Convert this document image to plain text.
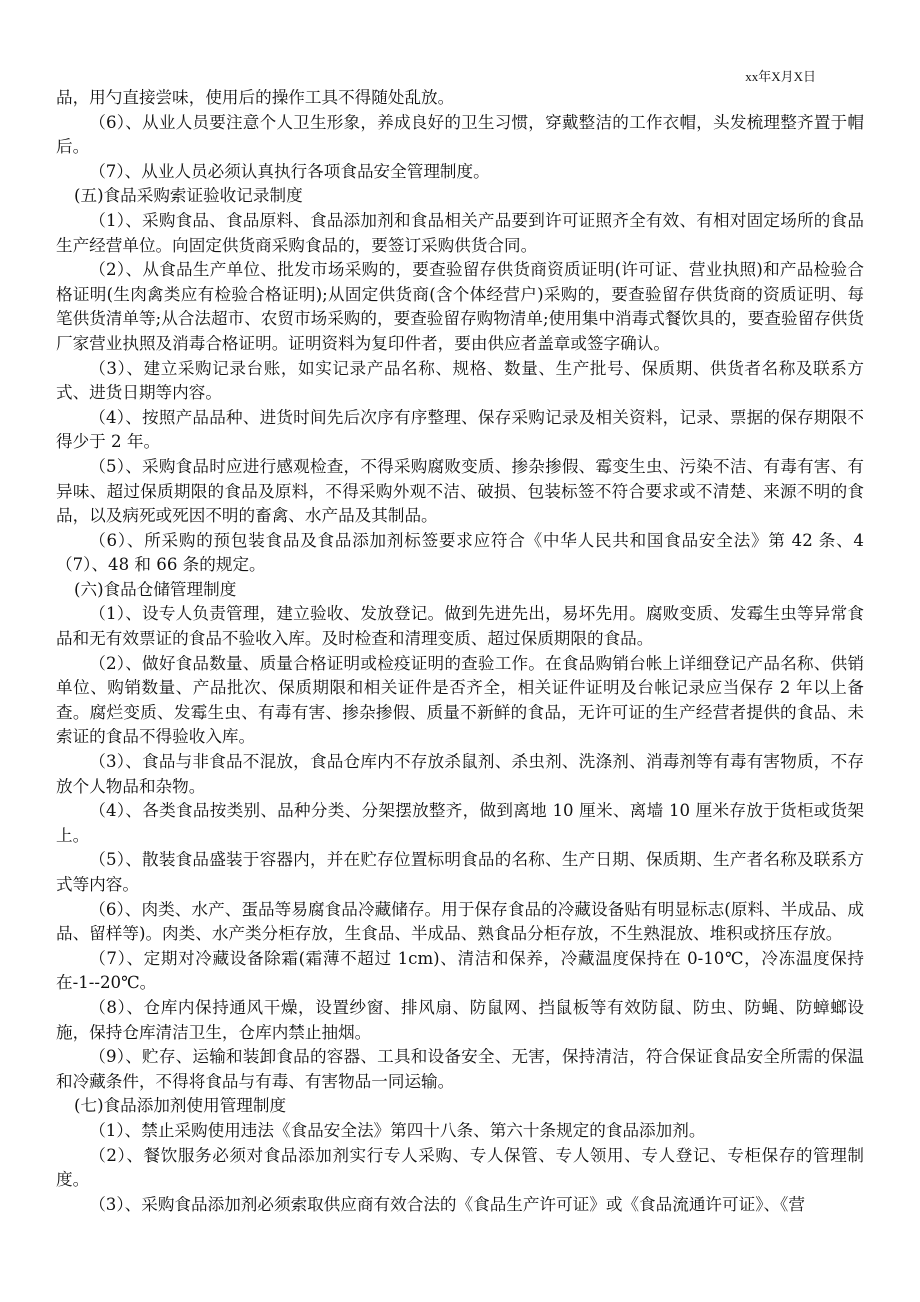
xx年X月X日

品，用勺直接尝味，使用后的操作工具不得随处乱放。

（6）、从业人员要注意个人卫生形象，养成良好的卫生习惯，穿戴整洁的工作衣帽，头发梳理整齐置于帽后。

（7）、从业人员必须认真执行各项食品安全管理制度。

(五)食品采购索证验收记录制度

（1）、采购食品、食品原料、食品添加剂和食品相关产品要到许可证照齐全有效、有相对固定场所的食品生产经营单位。向固定供货商采购食品的，要签订采购供货合同。

（2）、从食品生产单位、批发市场采购的，要查验留存供货商资质证明(许可证、营业执照)和产品检验合格证明(生肉禽类应有检验合格证明);从固定供货商(含个体经营户)采购的，要查验留存供货商的资质证明、每笔供货清单等;从合法超市、农贸市场采购的，要查验留存购物清单;使用集中消毒式餐饮具的，要查验留存供货厂家营业执照及消毒合格证明。证明资料为复印件者，要由供应者盖章或签字确认。

（3）、建立采购记录台账，如实记录产品名称、规格、数量、生产批号、保质期、供货者名称及联系方式、进货日期等内容。

（4）、按照产品品种、进货时间先后次序有序整理、保存采购记录及相关资料，记录、票据的保存期限不得少于 2 年。

（5）、采购食品时应进行感观检查，不得采购腐败变质、掺杂掺假、霉变生虫、污染不洁、有毒有害、有异味、超过保质期限的食品及原料，不得采购外观不洁、破损、包装标签不符合要求或不清楚、来源不明的食品，以及病死或死因不明的畜禽、水产品及其制品。

（6）、所采购的预包装食品及食品添加剂标签要求应符合《中华人民共和国食品安全法》第 42 条、4（7）、48 和 66 条的规定。

(六)食品仓储管理制度

（1）、设专人负责管理，建立验收、发放登记。做到先进先出，易坏先用。腐败变质、发霉生虫等异常食品和无有效票证的食品不验收入库。及时检查和清理变质、超过保质期限的食品。

（2）、做好食品数量、质量合格证明或检疫证明的查验工作。在食品购销台帐上详细登记产品名称、供销单位、购销数量、产品批次、保质期限和相关证件是否齐全，相关证件证明及台帐记录应当保存 2 年以上备查。腐烂变质、发霉生虫、有毒有害、掺杂掺假、质量不新鲜的食品，无许可证的生产经营者提供的食品、未索证的食品不得验收入库。

（3）、食品与非食品不混放，食品仓库内不存放杀鼠剂、杀虫剂、洗涤剂、消毒剂等有毒有害物质，不存放个人物品和杂物。

（4）、各类食品按类别、品种分类、分架摆放整齐，做到离地 10 厘米、离墙 10 厘米存放于货柜或货架上。

（5）、散装食品盛装于容器内，并在贮存位置标明食品的名称、生产日期、保质期、生产者名称及联系方式等内容。

（6）、肉类、水产、蛋品等易腐食品冷藏储存。用于保存食品的冷藏设备贴有明显标志(原料、半成品、成品、留样等)。肉类、水产类分柜存放，生食品、半成品、熟食品分柜存放，不生熟混放、堆积或挤压存放。

（7）、定期对冷藏设备除霜(霜薄不超过 1cm)、清洁和保养，冷藏温度保持在 0-10℃，冷冻温度保持在-1--20℃。

（8）、仓库内保持通风干燥，设置纱窗、排风扇、防鼠网、挡鼠板等有效防鼠、防虫、防蝇、防蟑螂设施，保持仓库清洁卫生，仓库内禁止抽烟。

（9）、贮存、运输和装卸食品的容器、工具和设备安全、无害，保持清洁，符合保证食品安全所需的保温和冷藏条件，不得将食品与有毒、有害物品一同运输。

(七)食品添加剂使用管理制度

（1）、禁止采购使用违法《食品安全法》第四十八条、第六十条规定的食品添加剂。

（2）、餐饮服务必须对食品添加剂实行专人采购、专人保管、专人领用、专人登记、专柜保存的管理制度。

（3）、采购食品添加剂必须索取供应商有效合法的《食品生产许可证》或《食品流通许可证》、《营
